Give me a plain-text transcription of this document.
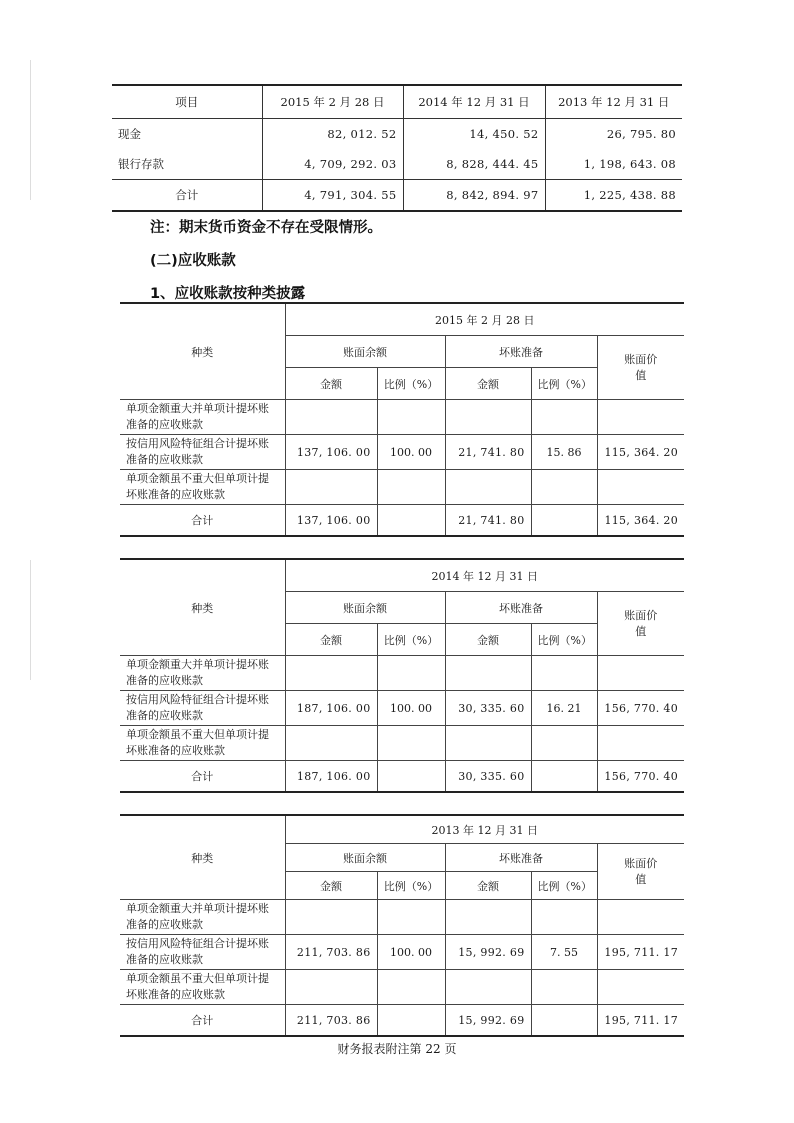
项目	2015 年 2 月 28 日	2014 年 12 月 31 日	2013 年 12 月 31 日
现金	82, 012. 52	14, 450. 52	26, 795. 80
银行存款	4, 709, 292. 03	8, 828, 444. 45	1, 198, 643. 08
合计	4, 791, 304. 55	8, 842, 894. 97	1, 225, 438. 88
注：期末货币资金不存在受限情形。
(二)应收账款
1、应收账款按种类披露
种类	2015 年 2 月 28 日				
	账面余额		坏账准备		账面价值
	金额	比例（%）	金额	比例（%）	
单项金额重大并单项计提坏账准备的应收账款					
按信用风险特征组合计提坏账准备的应收账款	137, 106. 00	100. 00	21, 741. 80	15. 86	115, 364. 20
单项金额虽不重大但单项计提坏账准备的应收账款					
合计	137, 106. 00		21, 741. 80		115, 364. 20
种类	2014 年 12 月 31 日				
	账面余额		坏账准备		账面价值
	金额	比例（%）	金额	比例（%）	
单项金额重大并单项计提坏账准备的应收账款					
按信用风险特征组合计提坏账准备的应收账款	187, 106. 00	100. 00	30, 335. 60	16. 21	156, 770. 40
单项金额虽不重大但单项计提坏账准备的应收账款					
合计	187, 106. 00		30, 335. 60		156, 770. 40
种类	2013 年 12 月 31 日				
	账面余额		坏账准备		账面价值
	金额	比例（%）	金额	比例（%）	
单项金额重大并单项计提坏账准备的应收账款					
按信用风险特征组合计提坏账准备的应收账款	211, 703. 86	100. 00	15, 992. 69	7. 55	195, 711. 17
单项金额虽不重大但单项计提坏账准备的应收账款					
合计	211, 703. 86		15, 992. 69		195, 711. 17
财务报表附注第 22 页
